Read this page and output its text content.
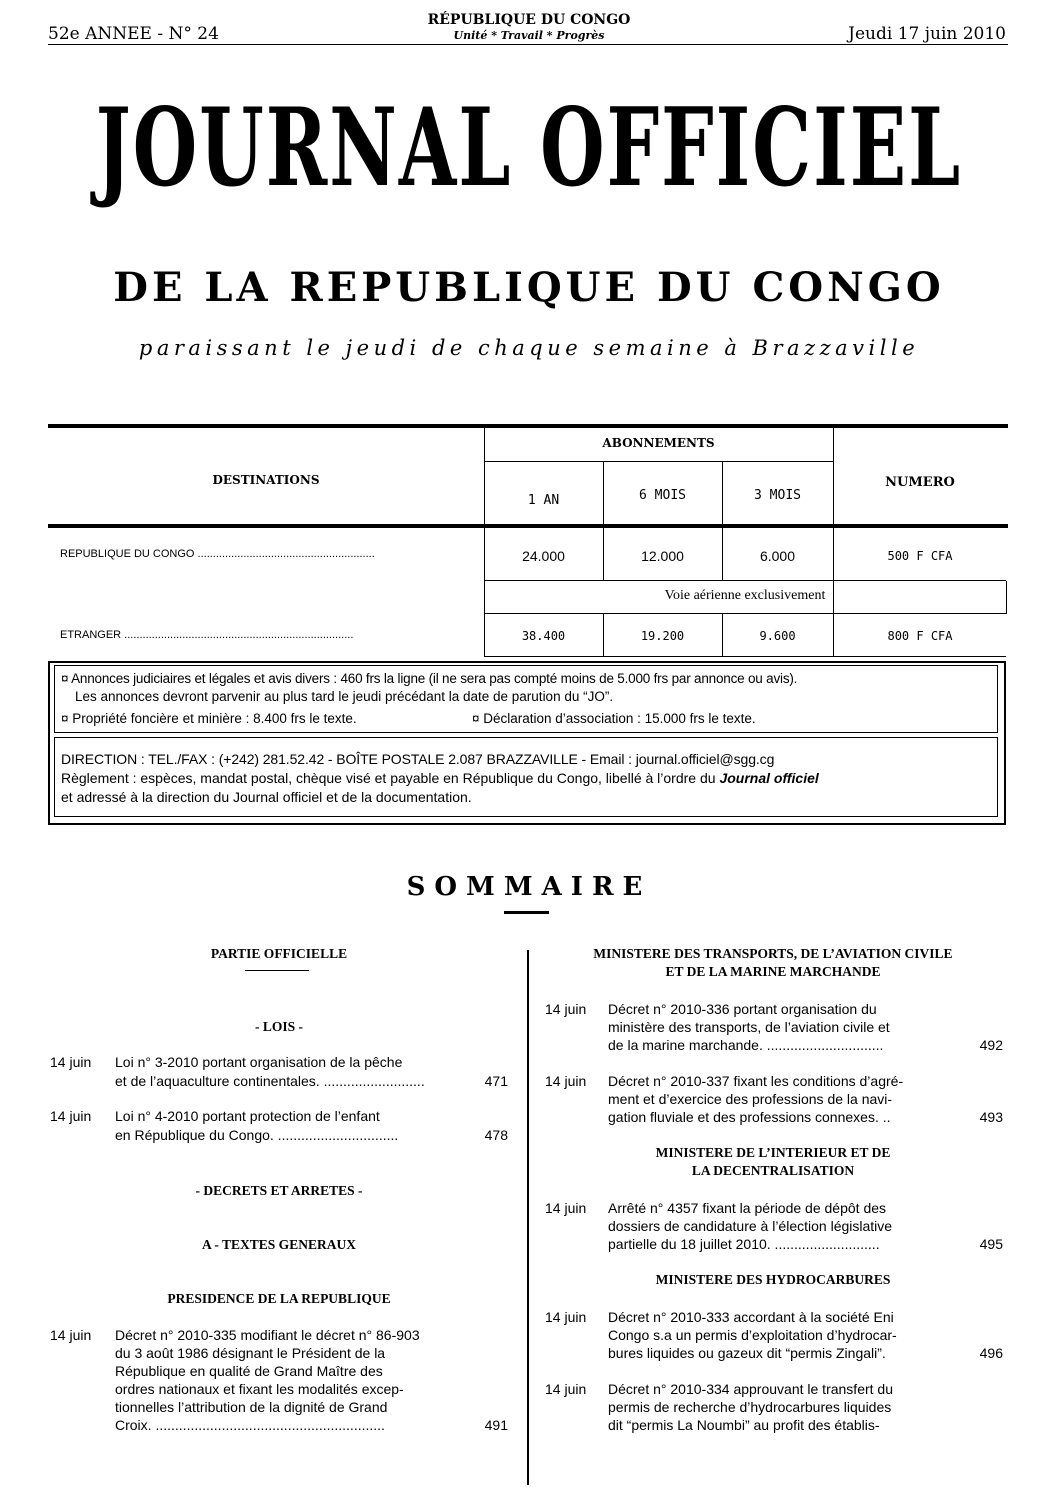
52e ANNEE - N° 24
RÉPUBLIQUE DU CONGO
Unité * Travail * Progrès	Jeudi 17 juin 2010
JOURNAL OFFICIEL
DE LA REPUBLIQUE DU CONGO
paraissant le jeudi de chaque semaine à Brazzaville
DESTINATIONS
ABONNEMENTS
NUMERO
1 AN	6 MOIS	3 MOIS
REPUBLIQUE DU CONGO ..........................................................	24.000	12.000	6.000	500 F CFA
Voie aérienne exclusivement
ETRANGER ...........................................................................	38.400	19.200	9.600	800 F CFA
¤ Annonces judiciaires et légales et avis divers : 460 frs la ligne (il ne sera pas compté moins de 5.000 frs par annonce ou avis).
Les annonces devront parvenir au plus tard le jeudi précédant la date de parution du “JO”.
¤ Propriété foncière et minière : 8.400 frs le texte.	¤ Déclaration d’association : 15.000 frs le texte.
DIRECTION : TEL./FAX : (+242) 281.52.42 - BOÎTE POSTALE 2.087 BRAZZAVILLE - Email : journal.officiel@sgg.cg
Règlement : espèces, mandat postal, chèque visé et payable en République du Congo, libellé à l’ordre du Journal officiel
et adressé à la direction du Journal officiel et de la documentation.
SOMMAIRE
PARTIE OFFICIELLE
- LOIS -
14 juin Loi n° 3-2010 portant organisation de la pêche
et de l’aquaculture continentales. ..........................	471
14 juin Loi n° 4-2010 portant protection de l’enfant
en République du Congo. ...............................	478
- DECRETS ET ARRETES -
A - TEXTES GENERAUX
PRESIDENCE DE LA REPUBLIQUE
14 juin Décret n° 2010-335 modifiant le décret n° 86-903
du 3 août 1986 désignant le Président de la
République en qualité de Grand Maître des
ordres nationaux et fixant les modalités excep-
tionnelles l’attribution de la dignité de Grand
Croix. ...........................................................	491
MINISTERE DES TRANSPORTS, DE L’AVIATION CIVILE
ET DE LA MARINE MARCHANDE
14 juin Décret n° 2010-336 portant organisation du
ministère des transports, de l’aviation civile et
de la marine marchande. ..............................	492
14 juin Décret n° 2010-337 fixant les conditions d’agré-
ment et d’exercice des professions de la navi-
gation fluviale et des professions connexes. ..	493
MINISTERE DE L’INTERIEUR ET DE
LA DECENTRALISATION
14 juin Arrêté n° 4357 fixant la période de dépôt des
dossiers de candidature à l’élection législative
partielle du 18 juillet 2010. ...........................	495
MINISTERE DES HYDROCARBURES
14 juin Décret n° 2010-333 accordant à la société Eni
Congo s.a un permis d’exploitation d’hydrocar-
bures liquides ou gazeux dit “permis Zingali”.	496
14 juin Décret n° 2010-334 approuvant le transfert du
permis de recherche d’hydrocarbures liquides
dit “permis La Noumbi” au profit des établis-
